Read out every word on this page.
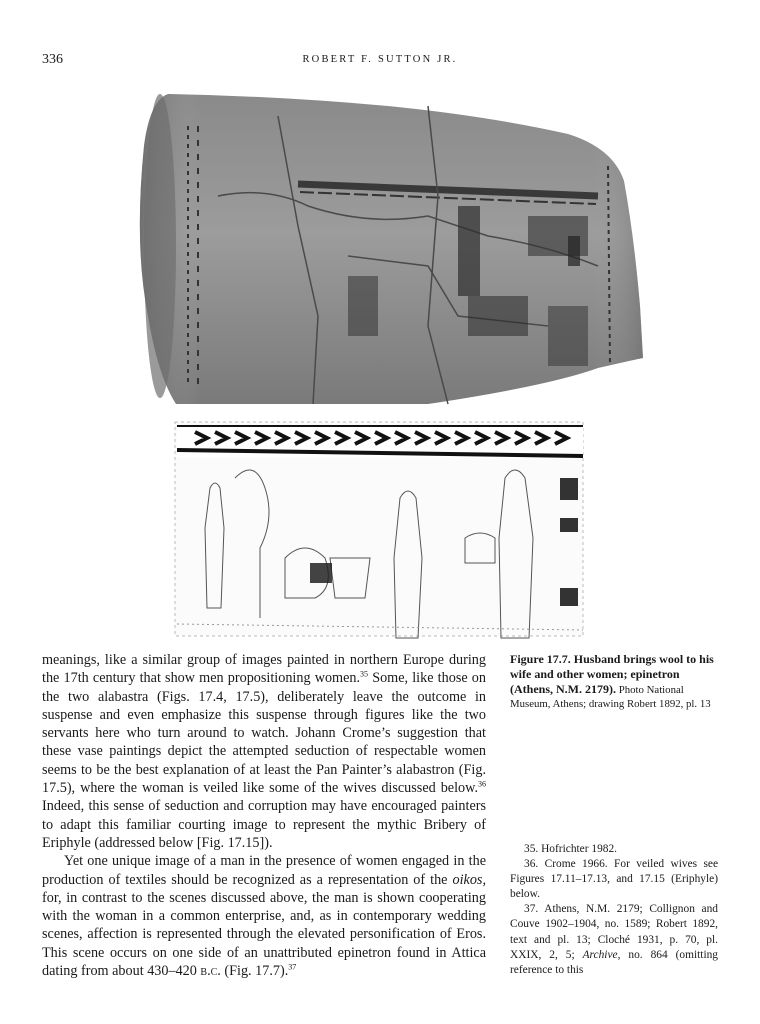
336	ROBERT F. SUTTON JR.

meanings, like a similar group of images painted in northern Europe during the 17th century that show men propositioning women.$^{35}$ Some, like those on the two alabastra (Figs. 17.4, 17.5), deliberately leave the outcome in suspense and even emphasize this suspense through figures like the two servants here who turn around to watch. Johann Crome’s suggestion that these vase paintings depict the attempted seduction of respectable women seems to be the best explanation of at least the Pan Painter’s alabastron (Fig. 17.5), where the woman is veiled like some of the wives discussed below.$^{36}$ Indeed, this sense of seduction and corruption may have encouraged painters to adapt this familiar courting image to represent the mythic Bribery of Eriphyle (addressed below [Fig. 17.15]).

Yet one unique image of a man in the presence of women engaged in the production of textiles should be recognized as a representation of the oikos, for, in contrast to the scenes discussed above, the man is shown cooperating with the woman in a common enterprise, and, as in contemporary wedding scenes, affection is represented through the elevated personification of Eros. This scene occurs on one side of an unattributed epinetron found in Attica dating from about 430–420 b.c. (Fig. 17.7).$^{37}$

Figure 17.7. Husband brings wool to his wife and other women; epinetron (Athens, N.M. 2179). Photo National Museum, Athens; drawing Robert 1892, pl. 13

35. Hofrichter 1982.

36. Crome 1966. For veiled wives see Figures 17.11–17.13, and 17.15 (Eriphyle) below.

37. Athens, N.M. 2179; Collignon and Couve 1902–1904, no. 1589; Robert 1892, text and pl. 13; Cloché 1931, p. 70, pl. XXIX, 2, 5; Archive, no. 864 (omitting reference to this
